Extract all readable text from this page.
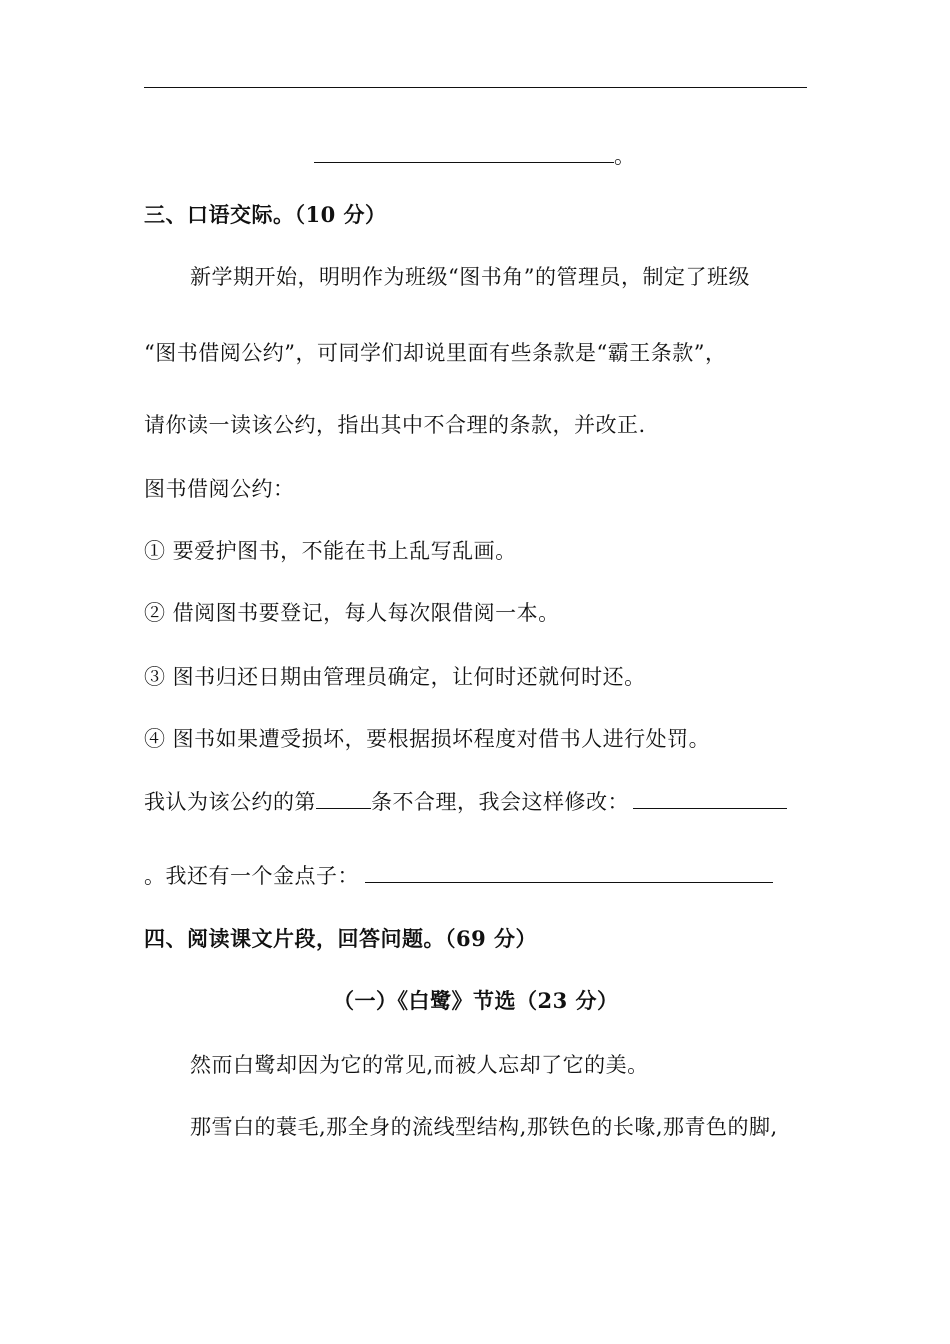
。
三、口语交际。（10 分）
新学期开始，明明作为班级“图书角”的管理员，制定了班级
“图书借阅公约”，可同学们却说里面有些条款是“霸王条款”，
请你读一读该公约，指出其中不合理的条款，并改正.
图书借阅公约：
① 要爱护图书，不能在书上乱写乱画。
② 借阅图书要登记，每人每次限借阅一本。
③ 图书归还日期由管理员确定，让何时还就何时还。
④ 图书如果遭受损坏，要根据损坏程度对借书人进行处罚。
我认为该公约的第	条不合理，我会这样修改：
。我还有一个金点子：
四、阅读课文片段，回答问题。（69 分）
（一）《白鹭》节选（23 分）
然而白鹭却因为它的常见,而被人忘却了它的美。
那雪白的蓑毛,那全身的流线型结构,那铁色的长喙,那青色的脚,
